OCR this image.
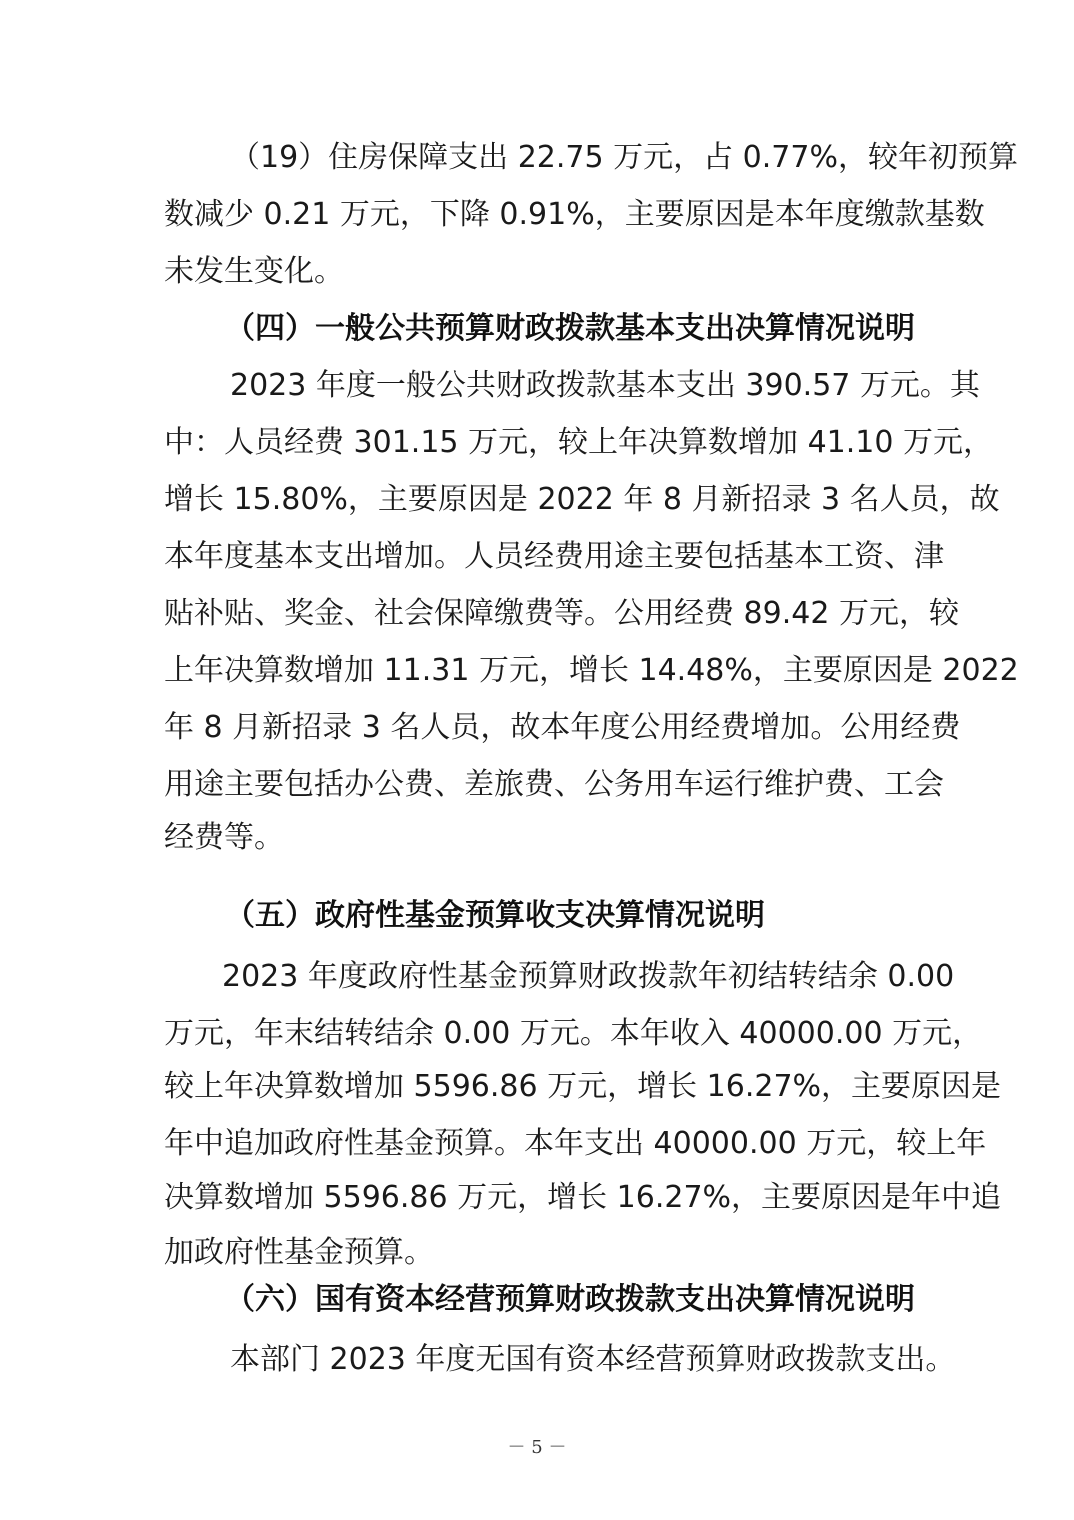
（19）住房保障支出 22.75 万元，占 0.77%，较年初预算
数减少 0.21 万元，下降 0.91%，主要原因是本年度缴款基数
未发生变化。
（四）一般公共预算财政拨款基本支出决算情况说明
2023 年度一般公共财政拨款基本支出 390.57 万元。其
中：人员经费 301.15 万元，较上年决算数增加 41.10 万元，
增长 15.80%，主要原因是 2022 年 8 月新招录 3 名人员，故
本年度基本支出增加。人员经费用途主要包括基本工资、津
贴补贴、奖金、社会保障缴费等。公用经费 89.42 万元，较
上年决算数增加 11.31 万元，增长 14.48%，主要原因是 2022
年 8 月新招录 3 名人员，故本年度公用经费增加。公用经费
用途主要包括办公费、差旅费、公务用车运行维护费、工会
经费等。
（五）政府性基金预算收支决算情况说明
2023 年度政府性基金预算财政拨款年初结转结余 0.00
万元，年末结转结余 0.00 万元。本年收入 40000.00 万元，
较上年决算数增加 5596.86 万元，增长 16.27%，主要原因是
年中追加政府性基金预算。本年支出 40000.00 万元，较上年
决算数增加 5596.86 万元，增长 16.27%，主要原因是年中追
加政府性基金预算。
（六）国有资本经营预算财政拨款支出决算情况说明
本部门 2023 年度无国有资本经营预算财政拨款支出。
－ 5 －
